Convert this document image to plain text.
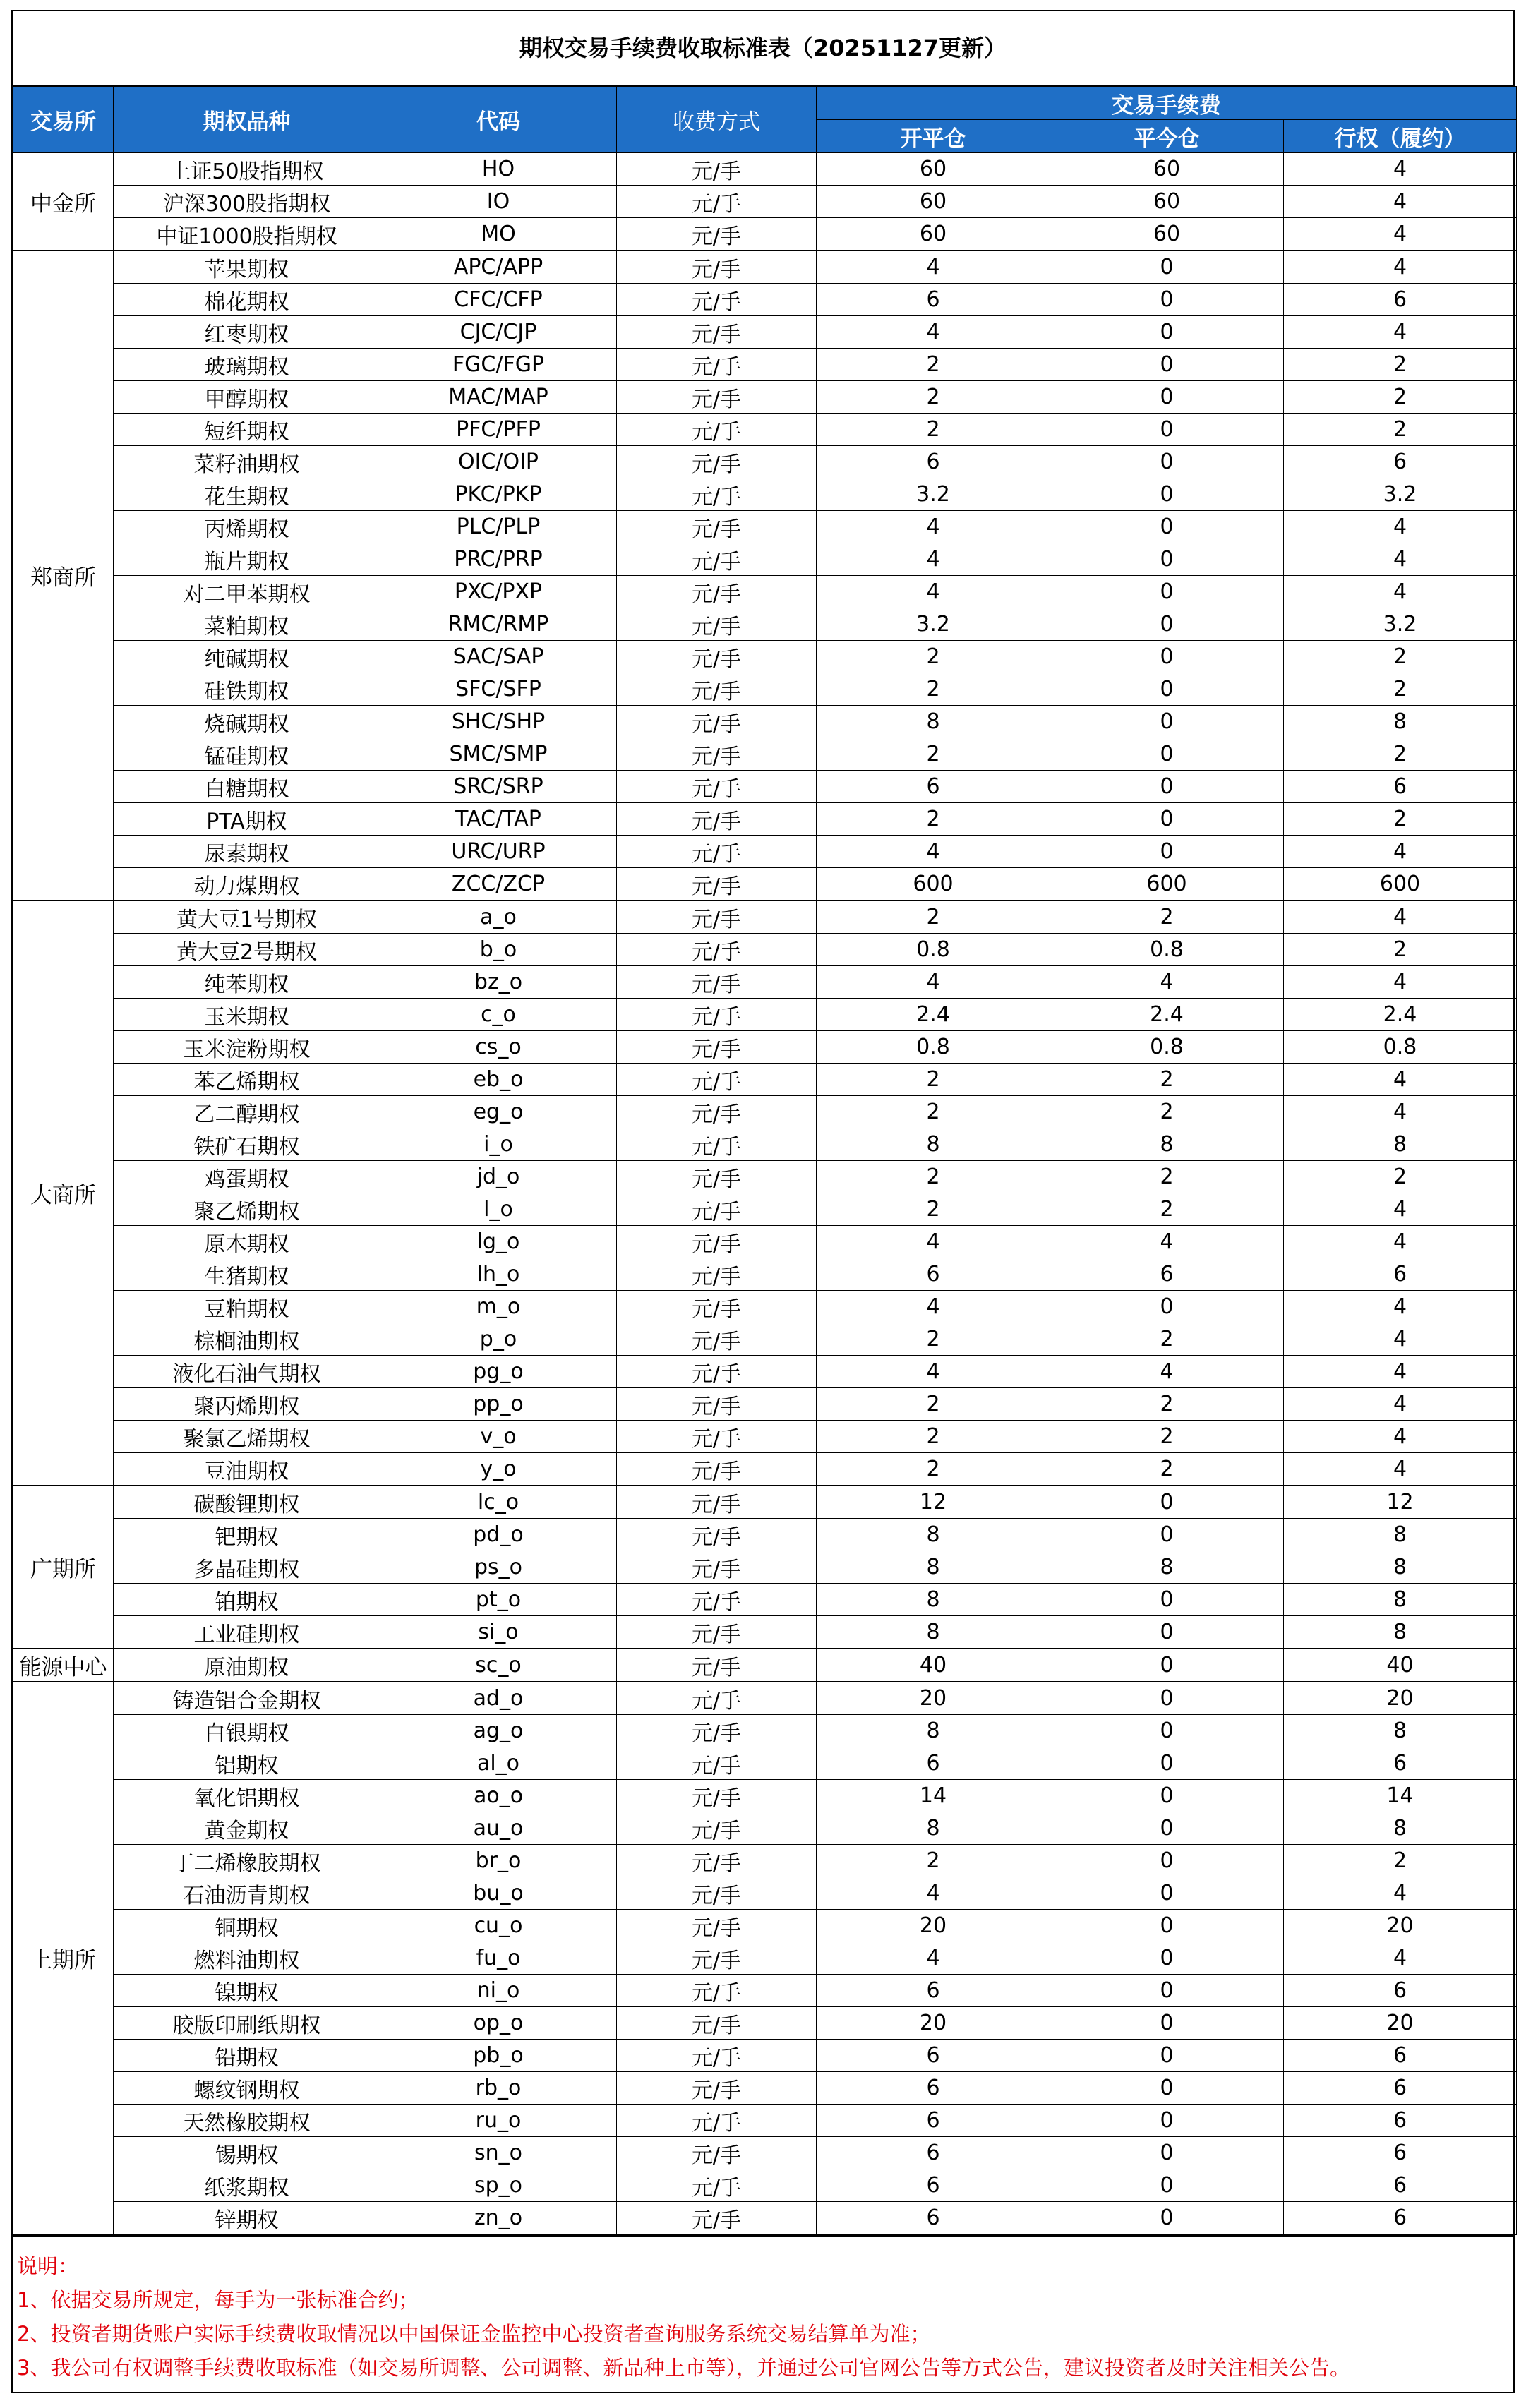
期权交易手续费收取标准表（20251127更新）
交易所	期权品种	代码	收费方式	交易手续费		
				开平仓	平今仓	行权（履约）
中金所	上证50股指期权	HO	元/手	60	60	4
	沪深300股指期权	IO	元/手	60	60	4
	中证1000股指期权	MO	元/手	60	60	4
郑商所	苹果期权	APC/APP	元/手	4	0	4
	棉花期权	CFC/CFP	元/手	6	0	6
	红枣期权	CJC/CJP	元/手	4	0	4
	玻璃期权	FGC/FGP	元/手	2	0	2
	甲醇期权	MAC/MAP	元/手	2	0	2
	短纤期权	PFC/PFP	元/手	2	0	2
	菜籽油期权	OIC/OIP	元/手	6	0	6
	花生期权	PKC/PKP	元/手	3.2	0	3.2
	丙烯期权	PLC/PLP	元/手	4	0	4
	瓶片期权	PRC/PRP	元/手	4	0	4
	对二甲苯期权	PXC/PXP	元/手	4	0	4
	菜粕期权	RMC/RMP	元/手	3.2	0	3.2
	纯碱期权	SAC/SAP	元/手	2	0	2
	硅铁期权	SFC/SFP	元/手	2	0	2
	烧碱期权	SHC/SHP	元/手	8	0	8
	锰硅期权	SMC/SMP	元/手	2	0	2
	白糖期权	SRC/SRP	元/手	6	0	6
	PTA期权	TAC/TAP	元/手	2	0	2
	尿素期权	URC/URP	元/手	4	0	4
	动力煤期权	ZCC/ZCP	元/手	600	600	600
大商所	黄大豆1号期权	a_o	元/手	2	2	4
	黄大豆2号期权	b_o	元/手	0.8	0.8	2
	纯苯期权	bz_o	元/手	4	4	4
	玉米期权	c_o	元/手	2.4	2.4	2.4
	玉米淀粉期权	cs_o	元/手	0.8	0.8	0.8
	苯乙烯期权	eb_o	元/手	2	2	4
	乙二醇期权	eg_o	元/手	2	2	4
	铁矿石期权	i_o	元/手	8	8	8
	鸡蛋期权	jd_o	元/手	2	2	2
	聚乙烯期权	l_o	元/手	2	2	4
	原木期权	lg_o	元/手	4	4	4
	生猪期权	lh_o	元/手	6	6	6
	豆粕期权	m_o	元/手	4	0	4
	棕榈油期权	p_o	元/手	2	2	4
	液化石油气期权	pg_o	元/手	4	4	4
	聚丙烯期权	pp_o	元/手	2	2	4
	聚氯乙烯期权	v_o	元/手	2	2	4
	豆油期权	y_o	元/手	2	2	4
广期所	碳酸锂期权	lc_o	元/手	12	0	12
	钯期权	pd_o	元/手	8	0	8
	多晶硅期权	ps_o	元/手	8	8	8
	铂期权	pt_o	元/手	8	0	8
	工业硅期权	si_o	元/手	8	0	8
能源中心	原油期权	sc_o	元/手	40	0	40
上期所	铸造铝合金期权	ad_o	元/手	20	0	20
	白银期权	ag_o	元/手	8	0	8
	铝期权	al_o	元/手	6	0	6
	氧化铝期权	ao_o	元/手	14	0	14
	黄金期权	au_o	元/手	8	0	8
	丁二烯橡胶期权	br_o	元/手	2	0	2
	石油沥青期权	bu_o	元/手	4	0	4
	铜期权	cu_o	元/手	20	0	20
	燃料油期权	fu_o	元/手	4	0	4
	镍期权	ni_o	元/手	6	0	6
	胶版印刷纸期权	op_o	元/手	20	0	20
	铅期权	pb_o	元/手	6	0	6
	螺纹钢期权	rb_o	元/手	6	0	6
	天然橡胶期权	ru_o	元/手	6	0	6
	锡期权	sn_o	元/手	6	0	6
	纸浆期权	sp_o	元/手	6	0	6
	锌期权	zn_o	元/手	6	0	6
说明：
1、依据交易所规定，每手为一张标准合约；
2、投资者期货账户实际手续费收取情况以中国保证金监控中心投资者查询服务系统交易结算单为准；
3、我公司有权调整手续费收取标准（如交易所调整、公司调整、新品种上市等），并通过公司官网公告等方式公告，建议投资者及时关注相关公告。
